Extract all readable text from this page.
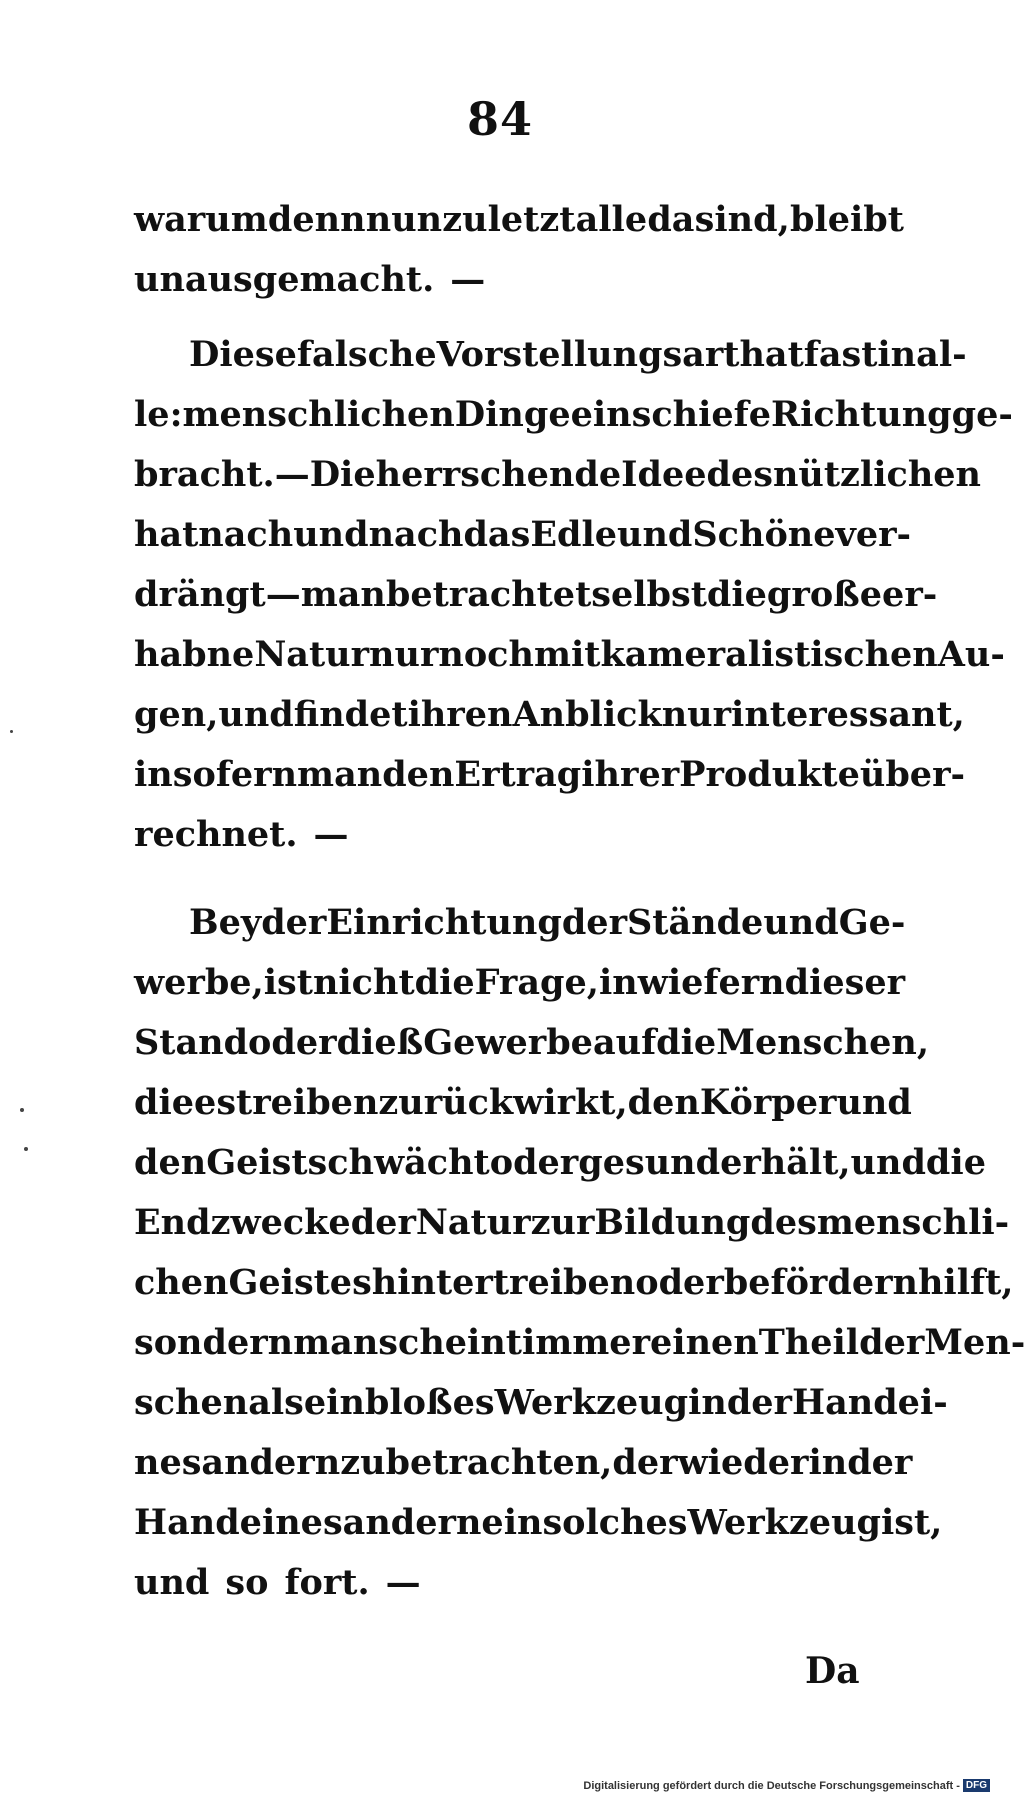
84
warum denn nun zuletzt alle da sind, bleibt
unausgemacht. —
Diese falsche Vorstellungsart hat fast in al-
le: menschlichen Dinge ein schiefe Richtung ge-
bracht. — Die herrschende Idee des nützlichen
hat nach und nach das Edle und Schöne ver-
drängt — man betrachtet selbst die große er-
habne Natur nur noch mit kameralistischen Au-
gen, und findet ihren Anblick nur interessant,
in so fern man den Ertrag ihrer Produkte über-
rechnet. —
Bey der Einrichtung der Stände und Ge-
werbe, ist nicht die Frage, in wie fern dieser
Stand oder dieß Gewerbe auf die Menschen,
die es treiben zurück wirkt, den Körper und
den Geist schwächt oder gesund erhält, und die
Endzwecke der Natur zur Bildung des menschli-
chen Geistes hintertreiben oder befördern hilft,
sondern man scheint immer einen Theil der Men-
schen als ein bloßes Werkzeug in der Hand ei-
nes andern zu betrachten, der wieder in der
Hand eines andern ein solches Werkzeug ist,
und so fort. —
Da
Digitalisierung gefördert durch die Deutsche Forschungsgemeinschaft - DFG
